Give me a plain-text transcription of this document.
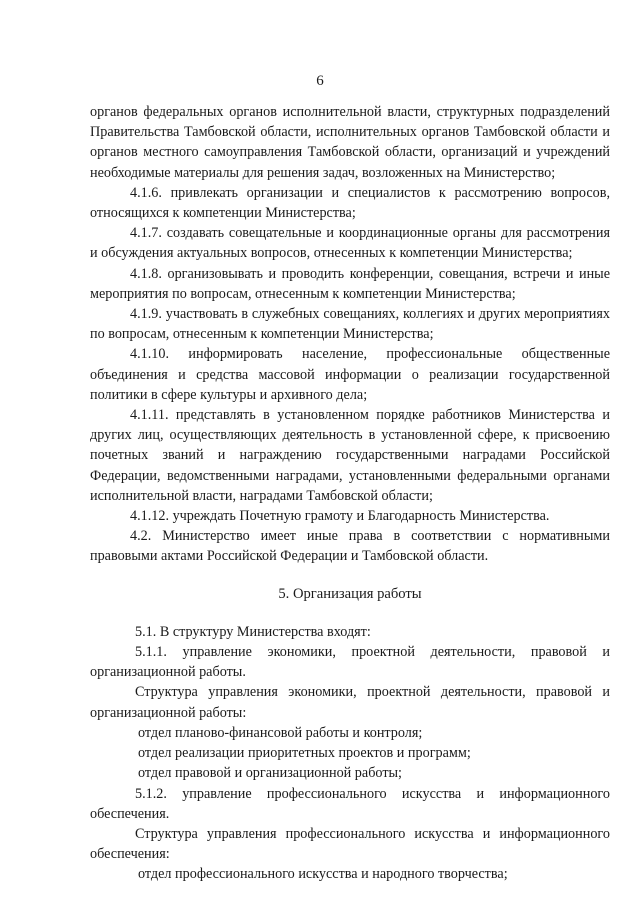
6

органов федеральных органов исполнительной власти, структурных подразделений Правительства Тамбовской области, исполнительных органов Тамбовской области и органов местного самоуправления Тамбовской области, организаций и учреждений необходимые материалы для решения задач, возложенных на Министерство;

4.1.6. привлекать организации и специалистов к рассмотрению вопросов, относящихся к компетенции Министерства;

4.1.7. создавать совещательные и координационные органы для рассмотрения и обсуждения актуальных вопросов, отнесенных к компетенции Министерства;

4.1.8. организовывать и проводить конференции, совещания, встречи и иные мероприятия по вопросам, отнесенным к компетенции Министерства;

4.1.9. участвовать в служебных совещаниях, коллегиях и других мероприятиях по вопросам, отнесенным к компетенции Министерства;

4.1.10. информировать население, профессиональные общественные объединения и средства массовой информации о реализации государственной политики в сфере культуры и архивного дела;

4.1.11. представлять в установленном порядке работников Министерства и других лиц, осуществляющих деятельность в установленной сфере, к присвоению почетных званий и награждению государственными наградами Российской Федерации, ведомственными наградами, установленными федеральными органами исполнительной власти, наградами Тамбовской области;

4.1.12. учреждать Почетную грамоту и Благодарность Министерства.

4.2. Министерство имеет иные права в соответствии с нормативными правовыми актами Российской Федерации и Тамбовской области.

5. Организация работы

5.1. В структуру Министерства входят:

5.1.1. управление экономики, проектной деятельности, правовой и организационной работы.

Структура управления экономики, проектной деятельности, правовой и организационной работы:

отдел планово-финансовой работы и контроля;

отдел реализации приоритетных проектов и программ;

отдел правовой и организационной работы;

5.1.2. управление профессионального искусства и информационного обеспечения.

Структура управления профессионального искусства и информационного обеспечения:

отдел профессионального искусства и народного творчества;
